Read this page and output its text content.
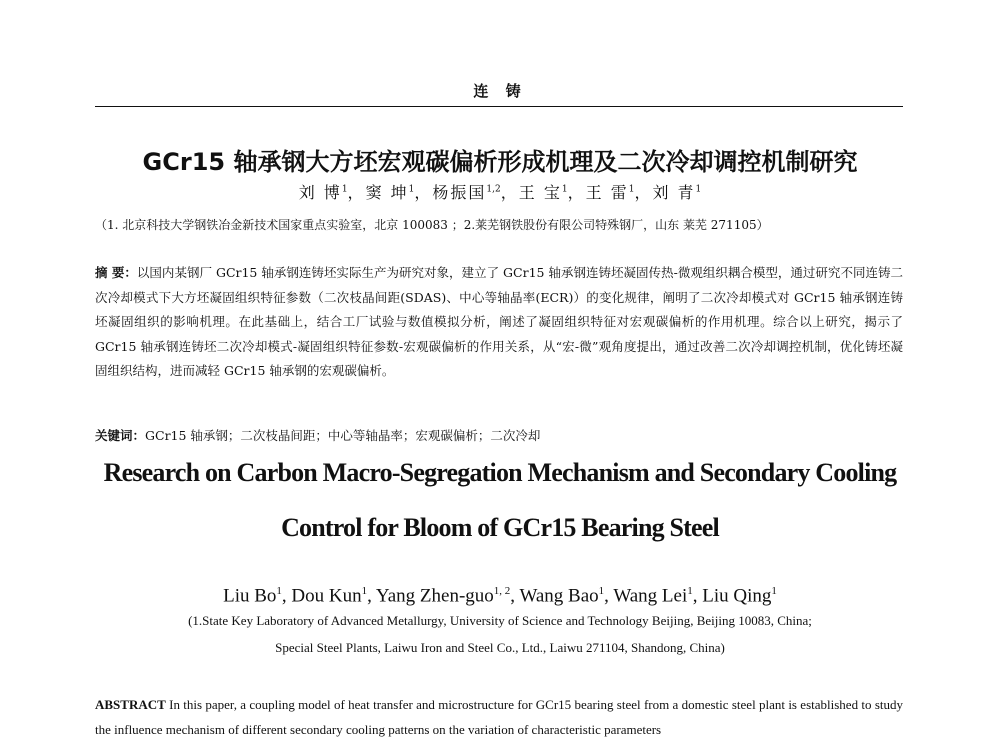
连 铸
GCr15 轴承钢大方坯宏观碳偏析形成机理及二次冷却调控机制研究
刘 博$^1$，窦 坤$^1$，杨振国$^{1,2}$，王 宝$^1$，王 雷$^1$，刘 青$^1$
（1. 北京科技大学钢铁冶金新技术国家重点实验室，北京 100083 ；2.莱芜钢铁股份有限公司特殊钢厂，山东 莱芜 271105）
摘 要：以国内某钢厂 GCr15 轴承钢连铸坯实际生产为研究对象，建立了 GCr15 轴承钢连铸坯凝固传热-微观组织耦合模型，通过研究不同连铸二次冷却模式下大方坯凝固组织特征参数（二次枝晶间距(SDAS)、中心等轴晶率(ECR)）的变化规律，阐明了二次冷却模式对 GCr15 轴承钢连铸坯凝固组织的影响机理。在此基础上，结合工厂试验与数值模拟分析，阐述了凝固组织特征对宏观碳偏析的作用机理。综合以上研究，揭示了 GCr15 轴承钢连铸坯二次冷却模式-凝固组织特征参数-宏观碳偏析的作用关系，从“宏-微”观角度提出，通过改善二次冷却调控机制，优化铸坯凝固组织结构，进而减轻 GCr15 轴承钢的宏观碳偏析。
关键词：GCr15 轴承钢；二次枝晶间距；中心等轴晶率；宏观碳偏析；二次冷却
Research on Carbon Macro-Segregation Mechanism and Secondary Cooling
Control for Bloom of GCr15 Bearing Steel
Liu Bo$^1$, Dou Kun$^1$, Yang Zhen-guo$^{1, 2}$, Wang Bao$^1$, Wang Lei$^1$, Liu Qing$^1$
(1.State Key Laboratory of Advanced Metallurgy, University of Science and Technology Beijing, Beijing 10083, China;
Special Steel Plants, Laiwu Iron and Steel Co., Ltd., Laiwu 271104, Shandong, China)
ABSTRACT In this paper, a coupling model of heat transfer and microstructure for GCr15 bearing steel from a domestic steel plant is established to study the influence mechanism of different secondary cooling patterns on the variation of characteristic parameters
